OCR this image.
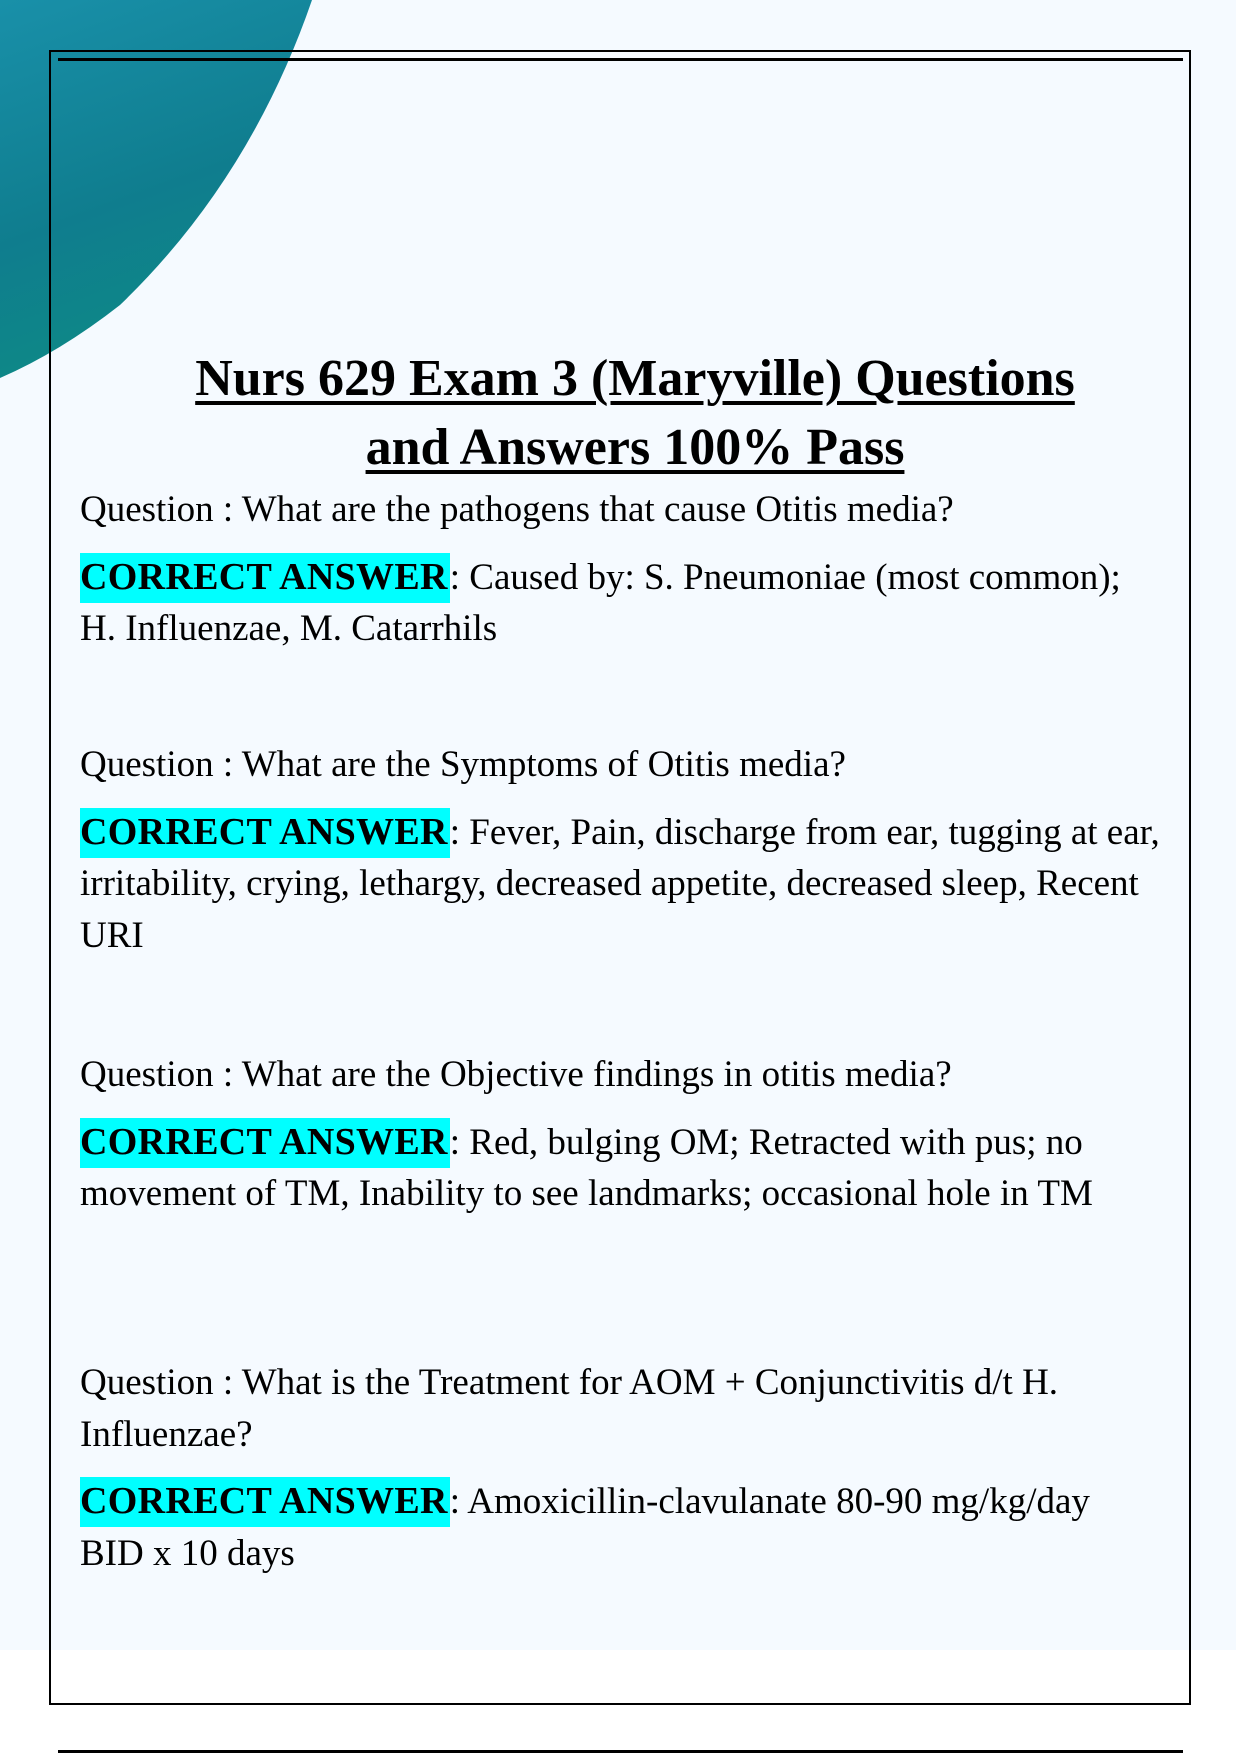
Nurs 629 Exam 3 (Maryville) Questions
and Answers 100% Pass

Question : What are the pathogens that cause Otitis media?

CORRECT ANSWER: Caused by: S. Pneumoniae (most common); H. Influenzae, M. Catarrhils

Question : What are the Symptoms of Otitis media?

CORRECT ANSWER: Fever, Pain, discharge from ear, tugging at ear, irritability, crying, lethargy, decreased appetite, decreased sleep, Recent URI

Question : What are the Objective findings in otitis media?

CORRECT ANSWER: Red, bulging OM; Retracted with pus; no movement of TM, Inability to see landmarks; occasional hole in TM

Question : What is the Treatment for AOM + Conjunctivitis d/t H. Influenzae?

CORRECT ANSWER: Amoxicillin-clavulanate 80-90 mg/kg/day BID x 10 days
